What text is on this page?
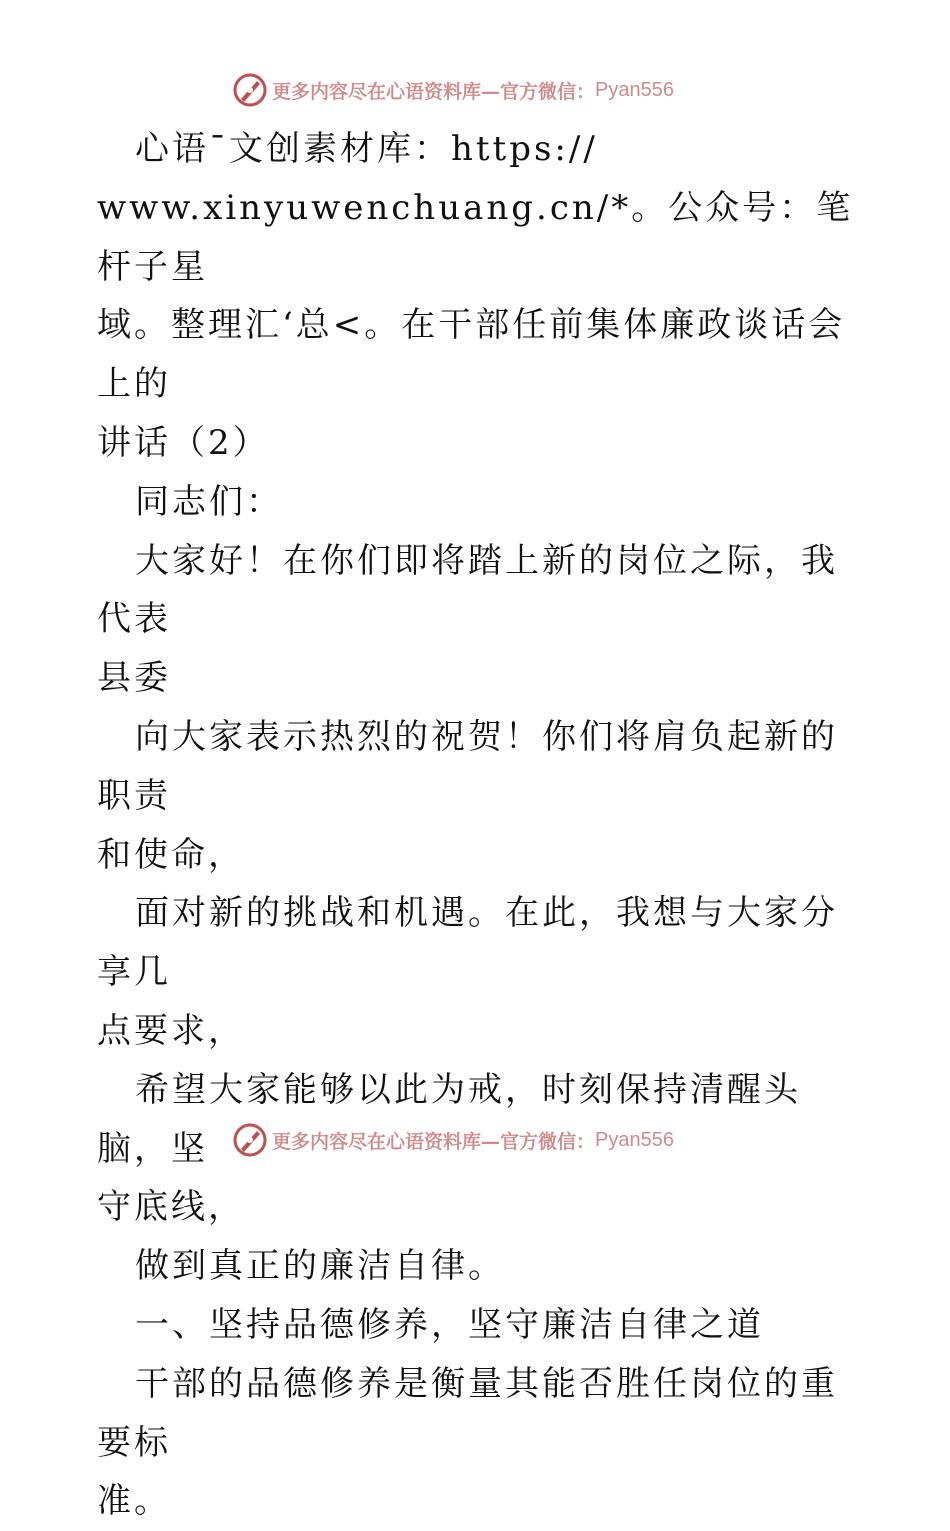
更多内容尽在心语资料库—官方微信： Pyan556

心语¯文创素材库：https://

www.xinyuwenchuang.cn/*。公众号：笔杆子星

域。整理汇‘总<。在干部任前集体廉政谈话会上的

讲话（2）

同志们：

大家好！在你们即将踏上新的岗位之际，我代表

县委

向大家表示热烈的祝贺！你们将肩负起新的职责

和使命，

面对新的挑战和机遇。在此，我想与大家分享几

点要求，

希望大家能够以此为戒，时刻保持清醒头脑，坚

守底线，

做到真正的廉洁自律。

一、坚持品德修养，坚守廉洁自律之道

干部的品德修养是衡量其能否胜任岗位的重要标

准。

更多内容尽在心语资料库—官方微信： Pyan556
